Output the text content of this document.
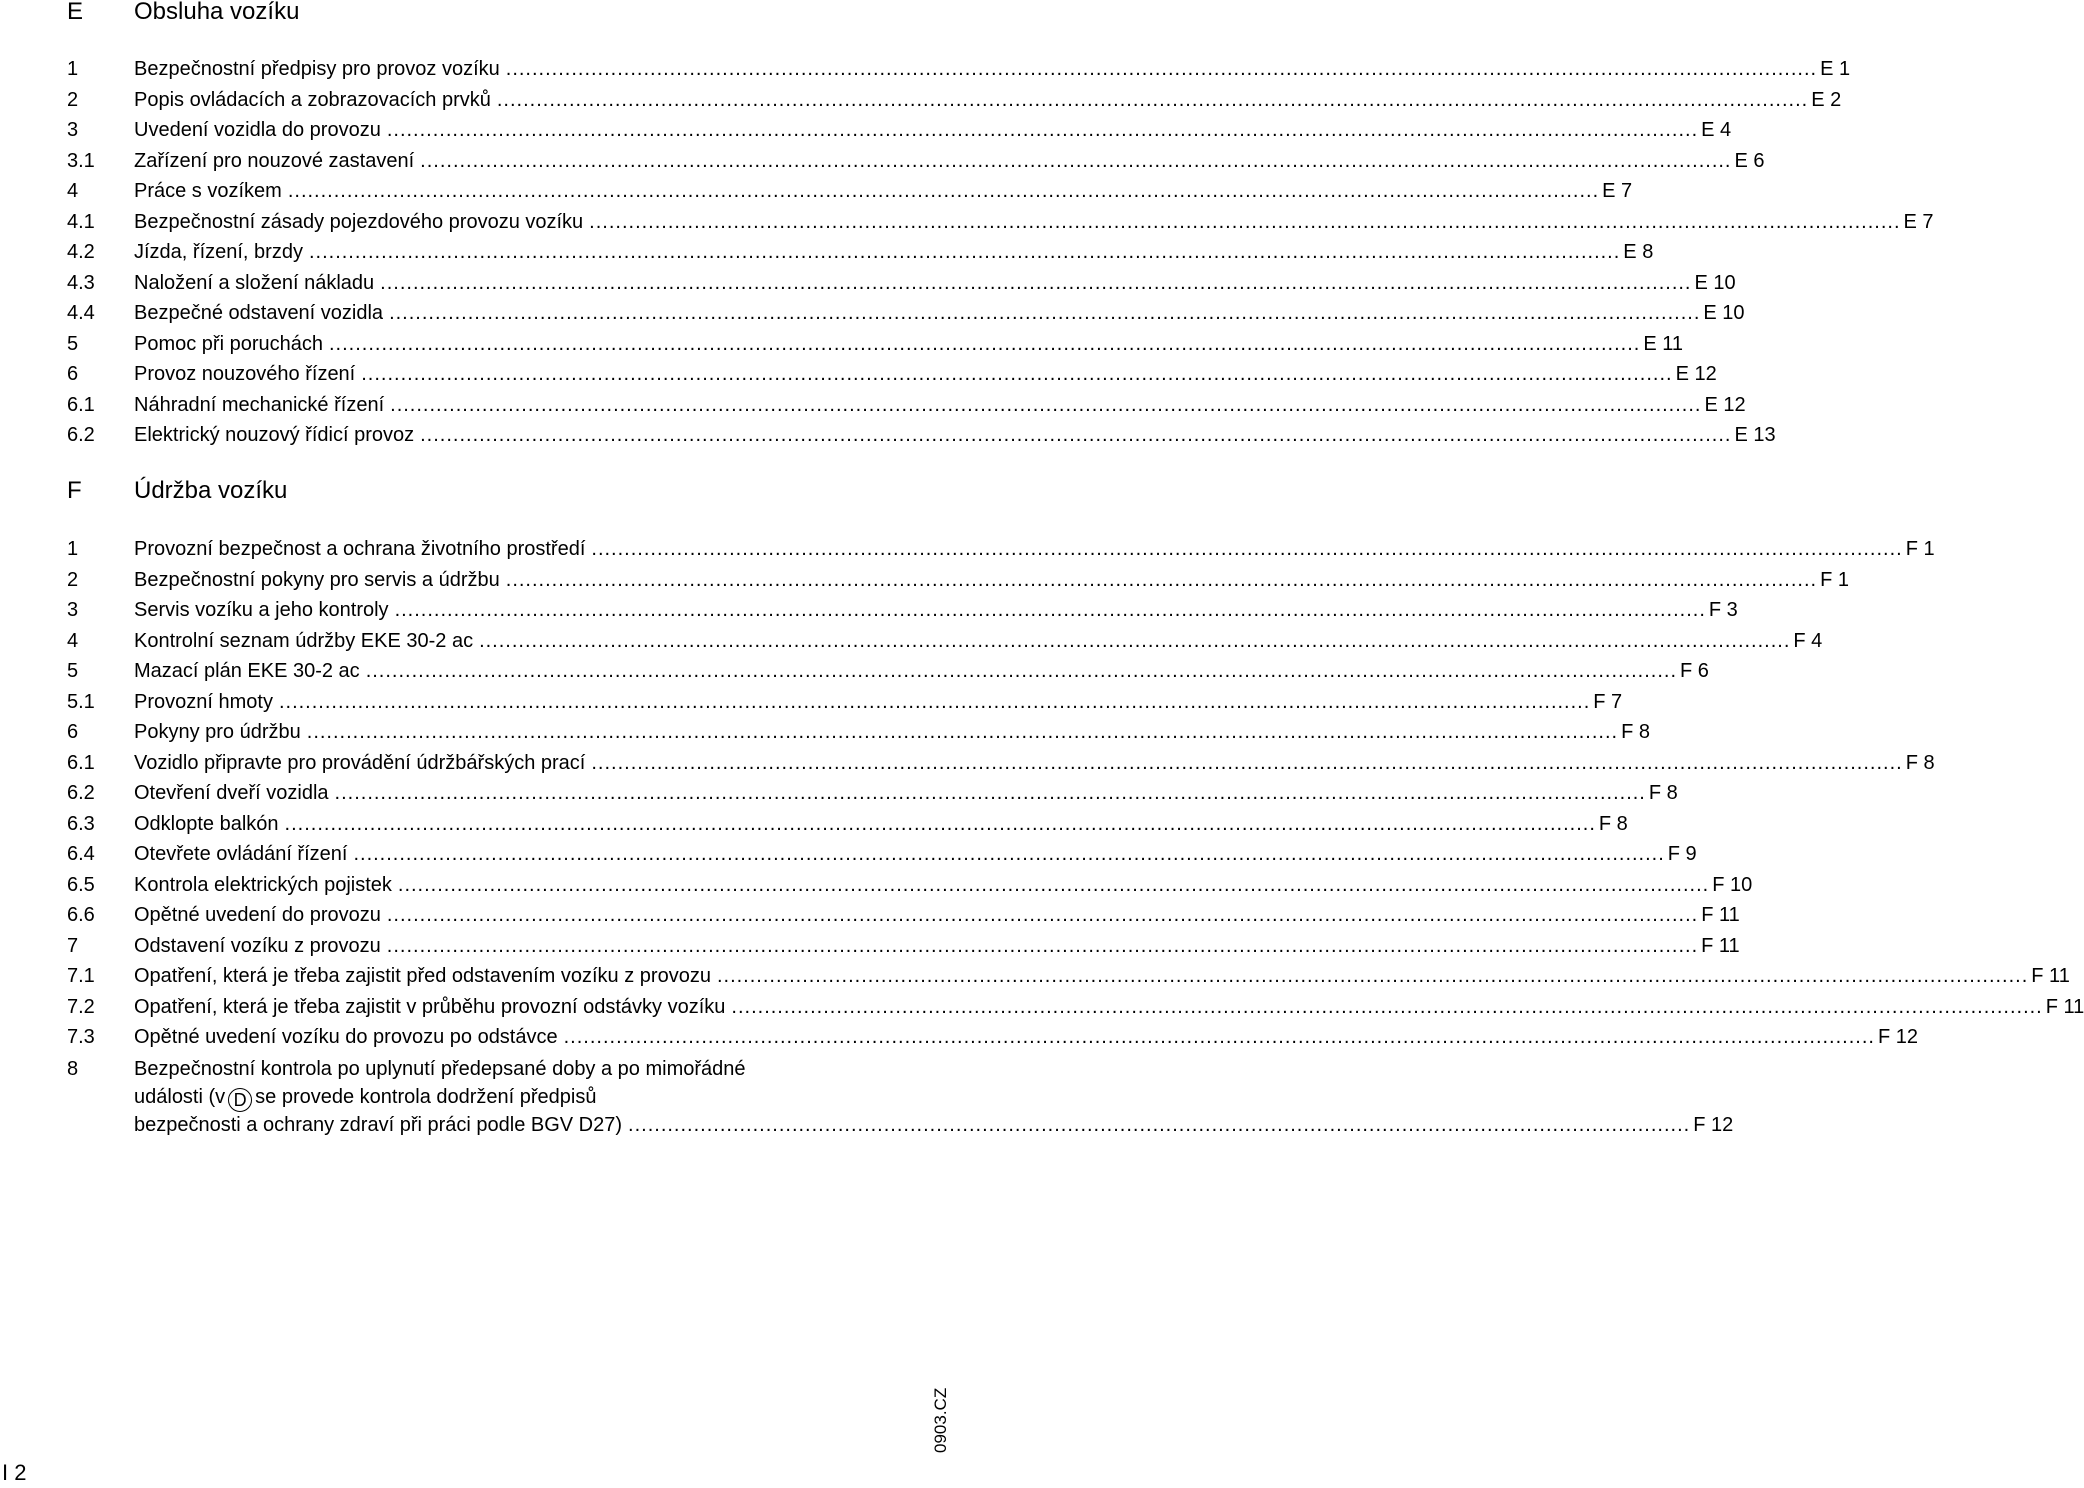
E Obsluha vozíku
1	Bezpečnostní předpisy pro provoz vozíku ........................................................................................................................................................................................................ E 1
2	Popis ovládacích a zobrazovacích prvků ........................................................................................................................................................................................................ E 2
3	Uvedení vozidla do provozu ........................................................................................................................................................................................................ E 4
3.1 Zařízení pro nouzové zastavení ........................................................................................................................................................................................................ E 6
4	Práce s vozíkem ........................................................................................................................................................................................................ E 7
4.1 Bezpečnostní zásady pojezdového provozu vozíku ........................................................................................................................................................................................................ E 7
4.2 Jízda, řízení, brzdy ........................................................................................................................................................................................................ E 8
4.3 Naložení a složení nákladu ........................................................................................................................................................................................................ E 10
4.4 Bezpečné odstavení vozidla ........................................................................................................................................................................................................ E 10
5	Pomoc při poruchách ........................................................................................................................................................................................................ E 11
6	Provoz nouzového řízení ........................................................................................................................................................................................................ E 12
6.1 Náhradní mechanické řízení ........................................................................................................................................................................................................ E 12
6.2 Elektrický nouzový řídicí provoz ........................................................................................................................................................................................................ E 13
F Údržba vozíku
1	Provozní bezpečnost a ochrana životního prostředí ........................................................................................................................................................................................................ F 1
2	Bezpečnostní pokyny pro servis a údržbu ........................................................................................................................................................................................................ F 1
3	Servis vozíku a jeho kontroly ........................................................................................................................................................................................................ F 3
4	Kontrolní seznam údržby EKE 30-2 ac ........................................................................................................................................................................................................ F 4
5	Mazací plán EKE 30-2 ac ........................................................................................................................................................................................................ F 6
5.1 Provozní hmoty ........................................................................................................................................................................................................ F 7
6	Pokyny pro údržbu ........................................................................................................................................................................................................ F 8
6.1 Vozidlo připravte pro provádění údržbářských prací ........................................................................................................................................................................................................ F 8
6.2 Otevření dveří vozidla ........................................................................................................................................................................................................ F 8
6.3 Odklopte balkón ........................................................................................................................................................................................................ F 8
6.4 Otevřete ovládání řízení ........................................................................................................................................................................................................ F 9
6.5 Kontrola elektrických pojistek ........................................................................................................................................................................................................ F 10
6.6 Opětné uvedení do provozu ........................................................................................................................................................................................................ F 11
7	Odstavení vozíku z provozu ........................................................................................................................................................................................................ F 11
7.1 Opatření, která je třeba zajistit před odstavením vozíku z provozu ........................................................................................................................................................................................................ F 11
7.2 Opatření, která je třeba zajistit v průběhu provozní odstávky vozíku ........................................................................................................................................................................................................ F 11
7.3 Opětné uvedení vozíku do provozu po odstávce ........................................................................................................................................................................................................ F 12
8	Bezpečnostní kontrola po uplynutí předepsané doby a po mimořádné
události (v D se provede kontrola dodržení předpisů
bezpečnosti a ochrany zdraví při práci podle BGV D27) .................................................................................................................................................................. F 12
0903.CZ
I 2
